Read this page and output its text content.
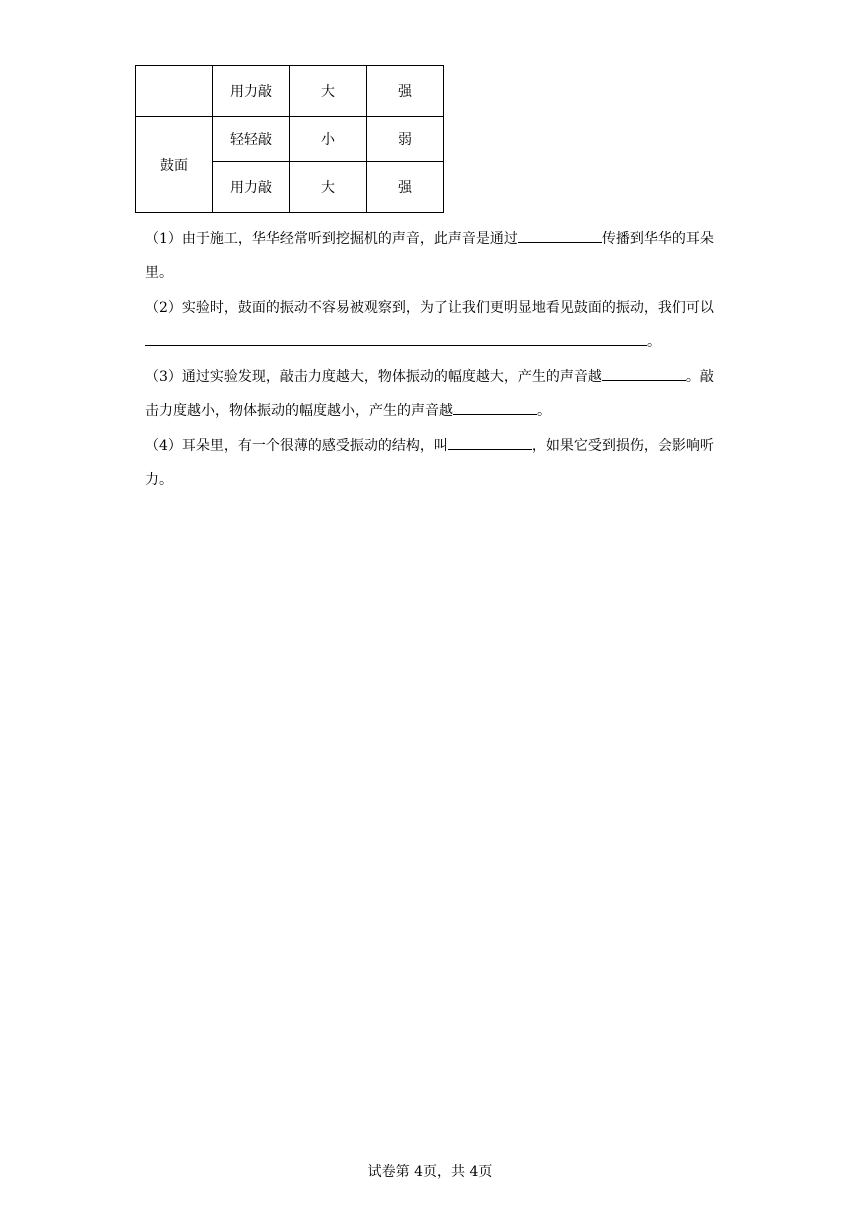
	用力敲	大	强
鼓面	轻轻敲	小	弱
	用力敲	大	强

（1）由于施工，华华经常听到挖掘机的声音，此声音是通过	传播到华华的耳朵里。

（2）实验时，鼓面的振动不容易被观察到，为了让我们更明显地看见鼓面的振动，我们可以。

（3）通过实验发现，敲击力度越大，物体振动的幅度越大，产生的声音越	。敲击力度越小，物体振动的幅度越小，产生的声音越	。

（4）耳朵里，有一个很薄的感受振动的结构，叫	，如果它受到损伤，会影响听力。

试卷第 4页，共 4页
